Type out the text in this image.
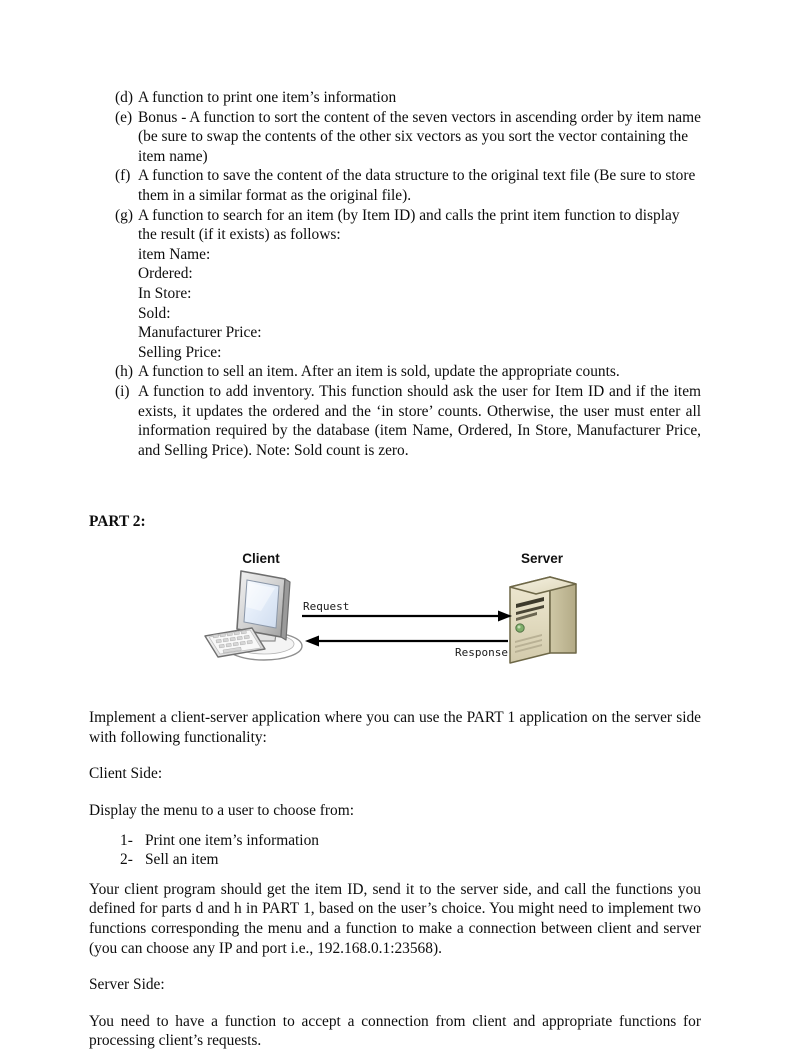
(d) A function to print one item’s information
(e) Bonus - A function to sort the content of the seven vectors in ascending order by item name (be sure to swap the contents of the other six vectors as you sort the vector containing the item name)
(f) A function to save the content of the data structure to the original text file (Be sure to store them in a similar format as the original file).
(g) A function to search for an item (by Item ID) and calls the print item function to display the result (if it exists) as follows:
item Name:
Ordered:
In Store:
Sold:
Manufacturer Price:
Selling Price:
(h) A function to sell an item. After an item is sold, update the appropriate counts.
(i) A function to add inventory. This function should ask the user for Item ID and if the item exists, it updates the ordered and the ‘in store’ counts. Otherwise, the user must enter all information required by the database (item Name, Ordered, In Store, Manufacturer Price, and Selling Price). Note: Sold count is zero.
PART 2:
Client	Server
Request
Response

Implement a client-server application where you can use the PART 1 application on the server side with following functionality:

Client Side:

Display the menu to a user to choose from:

1- Print one item’s information
2- Sell an item

Your client program should get the item ID, send it to the server side, and call the functions you defined for parts d and h in PART 1, based on the user’s choice. You might need to implement two functions corresponding the menu and a function to make a connection between client and server (you can choose any IP and port i.e., 192.168.0.1:23568).

Server Side:

You need to have a function to accept a connection from client and appropriate functions for processing client’s requests.
